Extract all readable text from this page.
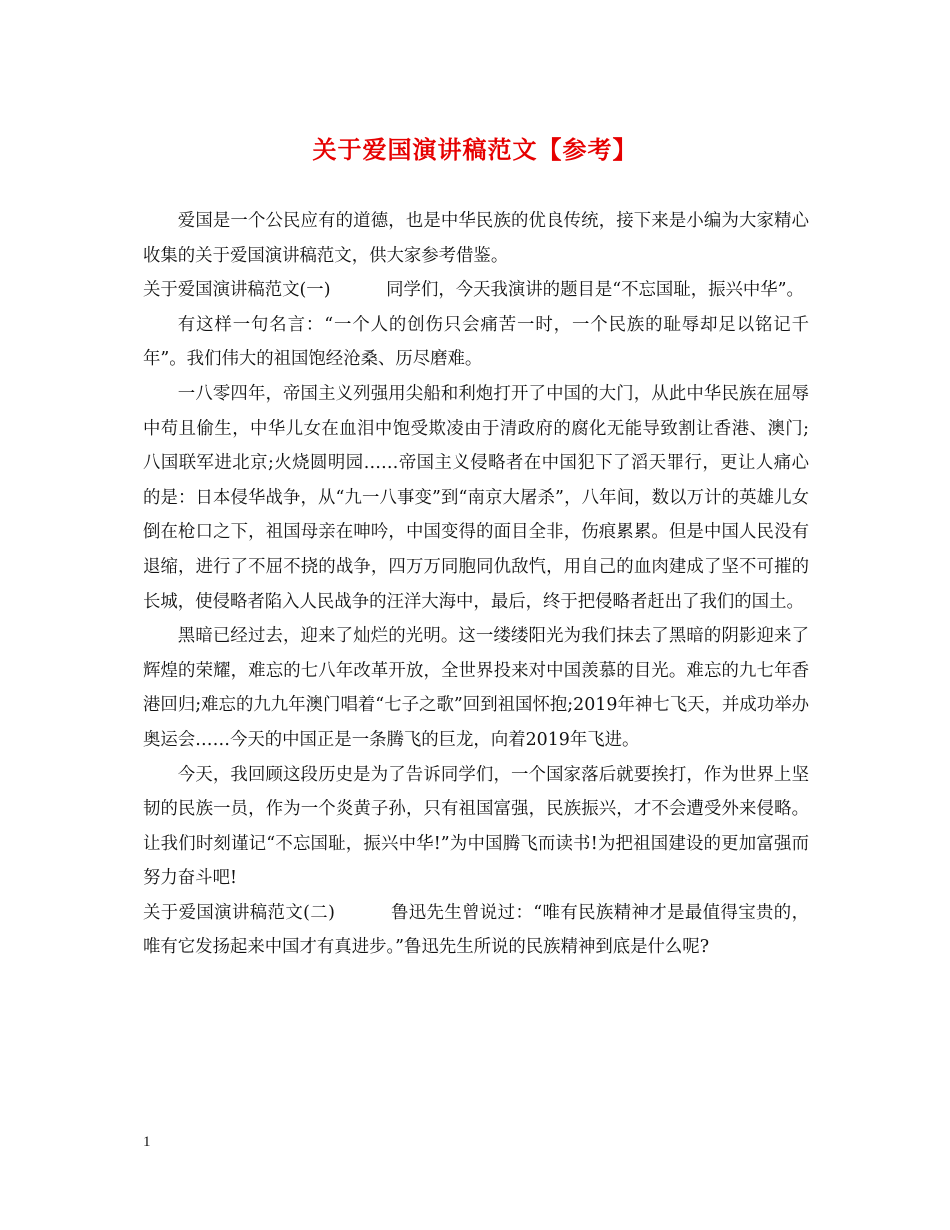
关于爱国演讲稿范文【参考】

爱国是一个公民应有的道德，也是中华民族的优良传统，接下来是小编为大家精心收集的关于爱国演讲稿范文，供大家参考借鉴。

关于爱国演讲稿范文(一)	同学们，今天我演讲的题目是“不忘国耻，振兴中华”。

有这样一句名言：“一个人的创伤只会痛苦一时，一个民族的耻辱却足以铭记千年”。我们伟大的祖国饱经沧桑、历尽磨难。

一八零四年，帝国主义列强用尖船和利炮打开了中国的大门，从此中华民族在屈辱中苟且偷生，中华儿女在血泪中饱受欺凌由于清政府的腐化无能导致割让香港、澳门;八国联军进北京;火烧圆明园……帝国主义侵略者在中国犯下了滔天罪行，更让人痛心的是：日本侵华战争，从“九一八事变”到“南京大屠杀”，八年间，数以万计的英雄儿女倒在枪口之下，祖国母亲在呻吟，中国变得的面目全非，伤痕累累。但是中国人民没有退缩，进行了不屈不挠的战争，四万万同胞同仇敌忾，用自己的血肉建成了坚不可摧的长城，使侵略者陷入人民战争的汪洋大海中，最后，终于把侵略者赶出了我们的国土。

黑暗已经过去，迎来了灿烂的光明。这一缕缕阳光为我们抹去了黑暗的阴影迎来了辉煌的荣耀，难忘的七八年改革开放，全世界投来对中国羡慕的目光。难忘的九七年香港回归;难忘的九九年澳门唱着“七子之歌”回到祖国怀抱;2019年神七飞天，并成功举办奥运会……今天的中国正是一条腾飞的巨龙，向着2019年飞进。

今天，我回顾这段历史是为了告诉同学们，一个国家落后就要挨打，作为世界上坚韧的民族一员，作为一个炎黄子孙，只有祖国富强，民族振兴，才不会遭受外来侵略。让我们时刻谨记“不忘国耻，振兴中华!”为中国腾飞而读书!为把祖国建设的更加富强而努力奋斗吧!

关于爱国演讲稿范文(二)	鲁迅先生曾说过：“唯有民族精神才是最值得宝贵的，唯有它发扬起来中国才有真进步。”鲁迅先生所说的民族精神到底是什么呢?

1
